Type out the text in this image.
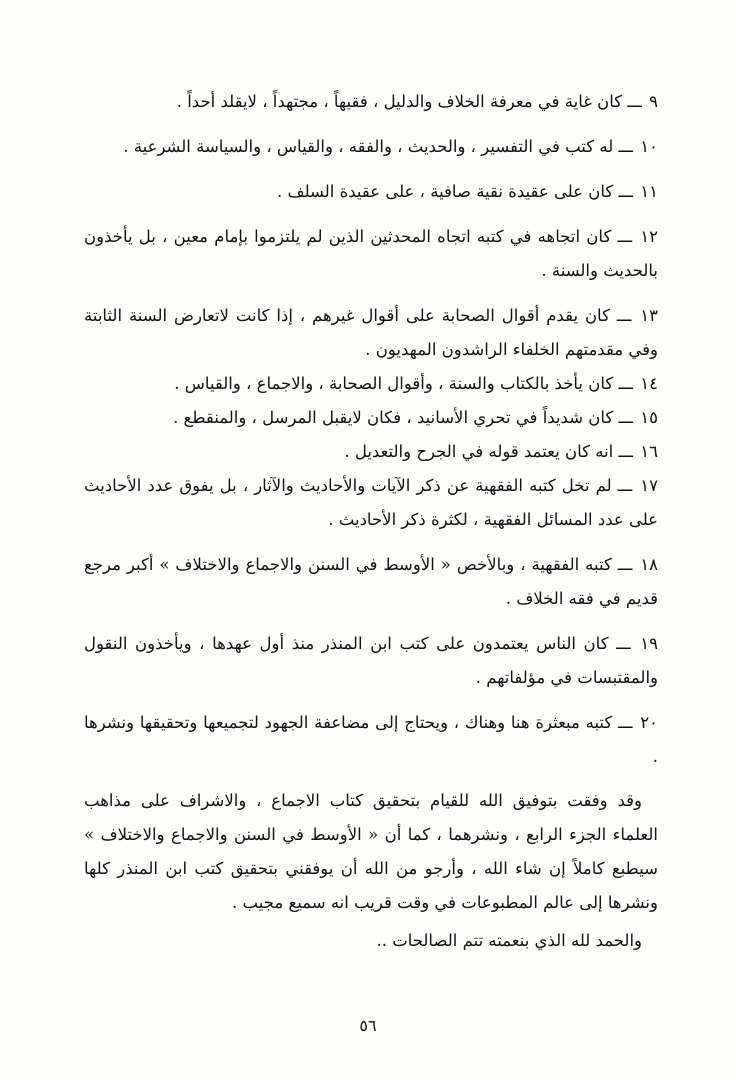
٩ ـــ كان غاية في معرفة الخلاف والدليل ، فقيهاً ، مجتهداً ، لايقلد أحداً .

١٠ ـــ له كتب في التفسير ، والحديث ، والفقه ، والقياس ، والسياسة الشرعية .

١١ ـــ كان على عقيدة نقية صافية ، على عقيدة السلف .

١٢ ـــ كان اتجاهه في كتبه اتجاه المحدثين الذين لم يلتزموا بإمام معين ، بل يأخذون بالحديث والسنة .

١٣ ـــ كان يقدم أقوال الصحابة على أقوال غيرهم ، إذا كانت لاتعارض السنة الثابتة وفي مقدمتهم الخلفاء الراشدون المهديون .

١٤ ـــ كان يأخذ بالكتاب والسنة ، وأقوال الصحابة ، والاجماع ، والقياس .

١٥ ـــ كان شديداً في تحري الأسانيد ، فكان لايقبل المرسل ، والمنقطع .

١٦ ـــ انه كان يعتمد قوله في الجرح والتعديل .

١٧ ـــ لم تخل كتبه الفقهية عن ذكر الآيات والأحاديث والآثار ، بل يفوق عدد الأحاديث على عدد المسائل الفقهية ، لكثرة ذكر الأحاديث .

١٨ ـــ كتبه الفقهية ، وبالأخص « الأوسط في السنن والاجماع والاختلاف » أكبر مرجع قديم في فقه الخلاف .

١٩ ـــ كان الناس يعتمدون على كتب ابن المنذر منذ أول عهدها ، ويأخذون النقول والمقتبسات في مؤلفاتهم .

٢٠ ـــ كتبه مبعثرة هنا وهناك ، ويحتاج إلى مضاعفة الجهود لتجميعها وتحقيقها ونشرها .

وقد وفقت بتوفيق الله للقيام بتحقيق كتاب الاجماع ، والاشراف على مذاهب العلماء الجزء الرابع ، ونشرهما ، كما أن « الأوسط في السنن والاجماع والاختلاف » سيطبع كاملاً إن شاء الله ، وأرجو من الله أن يوفقني بتحقيق كتب ابن المنذر كلها ونشرها إلى عالم المطبوعات في وقت قريب انه سميع مجيب .

والحمد لله الذي بنعمته تتم الصالحات ..

٥٦
